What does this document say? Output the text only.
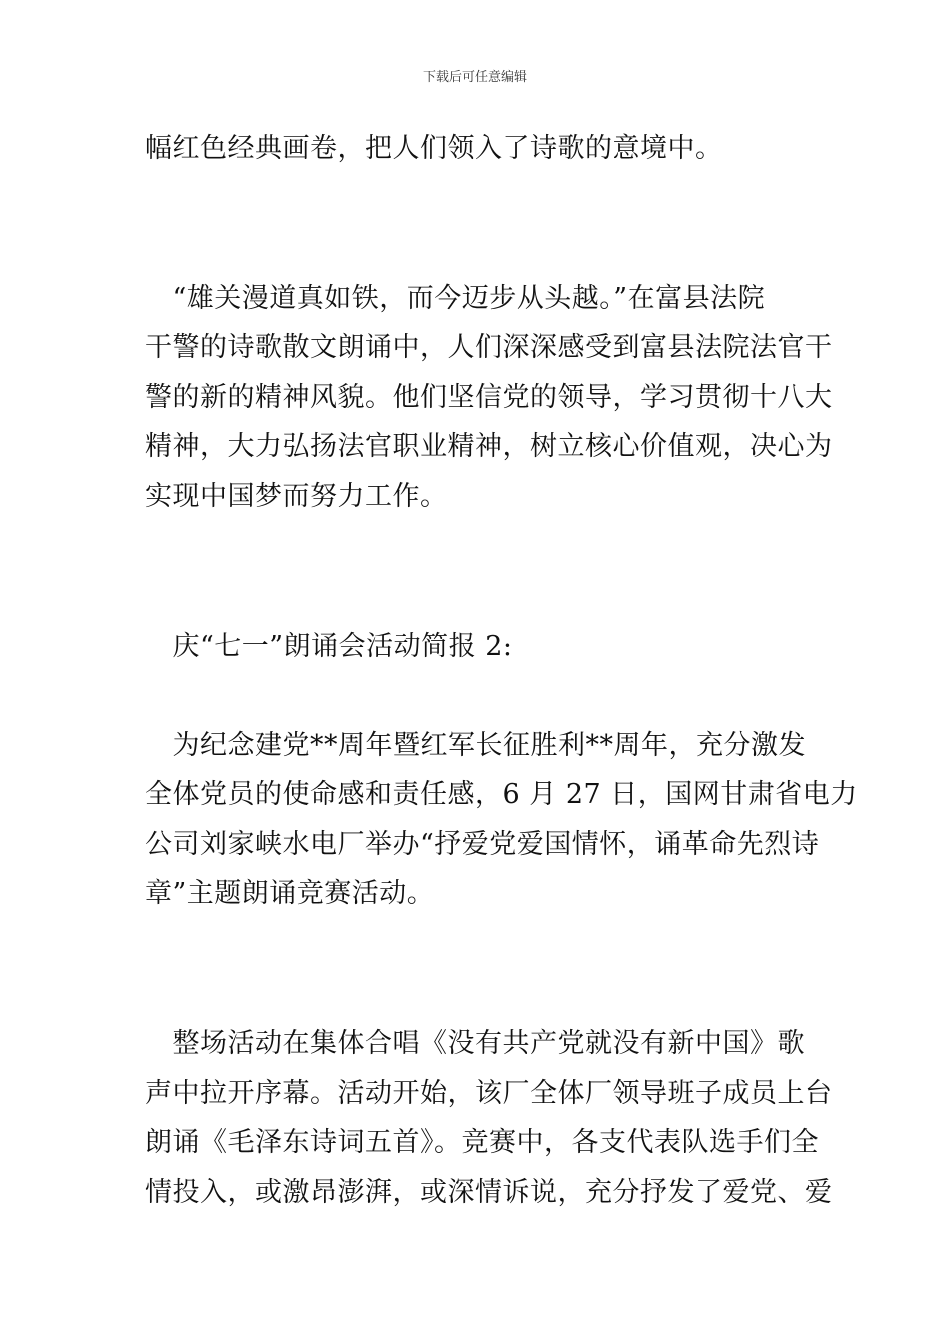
下载后可任意编辑
幅红色经典画卷，把人们领入了诗歌的意境中。
　“雄关漫道真如铁，而今迈步从头越。”在富县法院
干警的诗歌散文朗诵中，人们深深感受到富县法院法官干
警的新的精神风貌。他们坚信党的领导，学习贯彻十八大
精神，大力弘扬法官职业精神，树立核心价值观，决心为
实现中国梦而努力工作。
　庆“七一”朗诵会活动简报 2:
　为纪念建党**周年暨红军长征胜利**周年，充分激发
全体党员的使命感和责任感，6 月 27 日，国网甘肃省电力
公司刘家峡水电厂举办“抒爱党爱国情怀，诵革命先烈诗
章”主题朗诵竞赛活动。
　整场活动在集体合唱《没有共产党就没有新中国》歌
声中拉开序幕。活动开始，该厂全体厂领导班子成员上台
朗诵《毛泽东诗词五首》。竞赛中，各支代表队选手们全
情投入，或激昂澎湃，或深情诉说，充分抒发了爱党、爱
